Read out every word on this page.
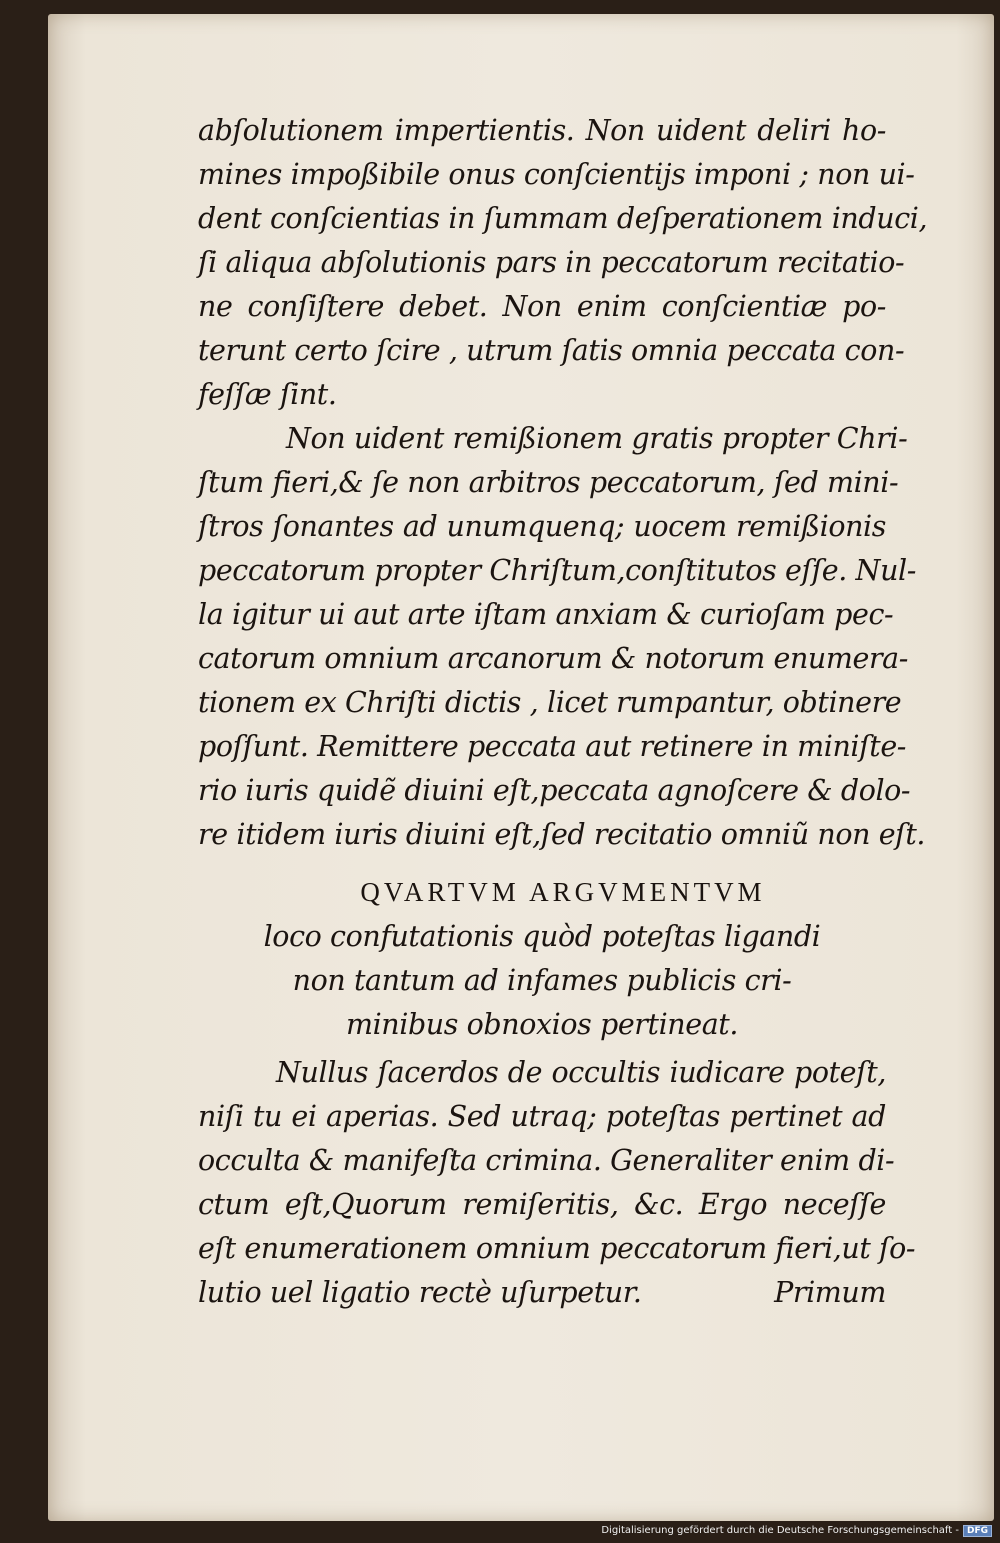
abſolutionem impertientis. Non uident deliri ho-
mines impoßibile onus conſcientijs imponi ; non ui-
dent conſcientias in ſummam deſperationem induci,
ſi aliqua abſolutionis pars in peccatorum recitatio-
ne conſiſtere debet. Non enim conſcientiæ po-
terunt certo ſcire , utrum ſatis omnia peccata con-
feſſæ ſint.
Non uident remißionem gratis propter Chri-
ſtum fieri,& ſe non arbitros peccatorum, ſed mini-
ſtros ſonantes ad unumquenq; uocem remißionis
peccatorum propter Chriſtum,conſtitutos eſſe. Nul-
la igitur ui aut arte iſtam anxiam & curioſam pec-
catorum omnium arcanorum & notorum enumera-
tionem ex Chriſti dictis , licet rumpantur, obtinere
poſſunt. Remittere peccata aut retinere in miniſte-
rio iuris quidẽ diuini eſt,peccata agnoſcere & dolo-
re itidem iuris diuini eſt,ſed recitatio omniũ non eſt.
QVARTVM ARGVMENTVM
loco confutationis quòd poteſtas ligandi
non tantum ad infames publicis cri-
minibus obnoxios pertineat.
Nullus ſacerdos de occultis iudicare poteſt,
niſi tu ei aperias. Sed utraq; poteſtas pertinet ad
occulta & manifeſta crimina. Generaliter enim di-
ctum eſt,Quorum remiſeritis, &c. Ergo neceſſe
eſt enumerationem omnium peccatorum fieri,ut ſo-
lutio uel ligatio rectè uſurpetur.	Primum
Digitalisierung gefördert durch die Deutsche Forschungsgemeinschaft - DFG
